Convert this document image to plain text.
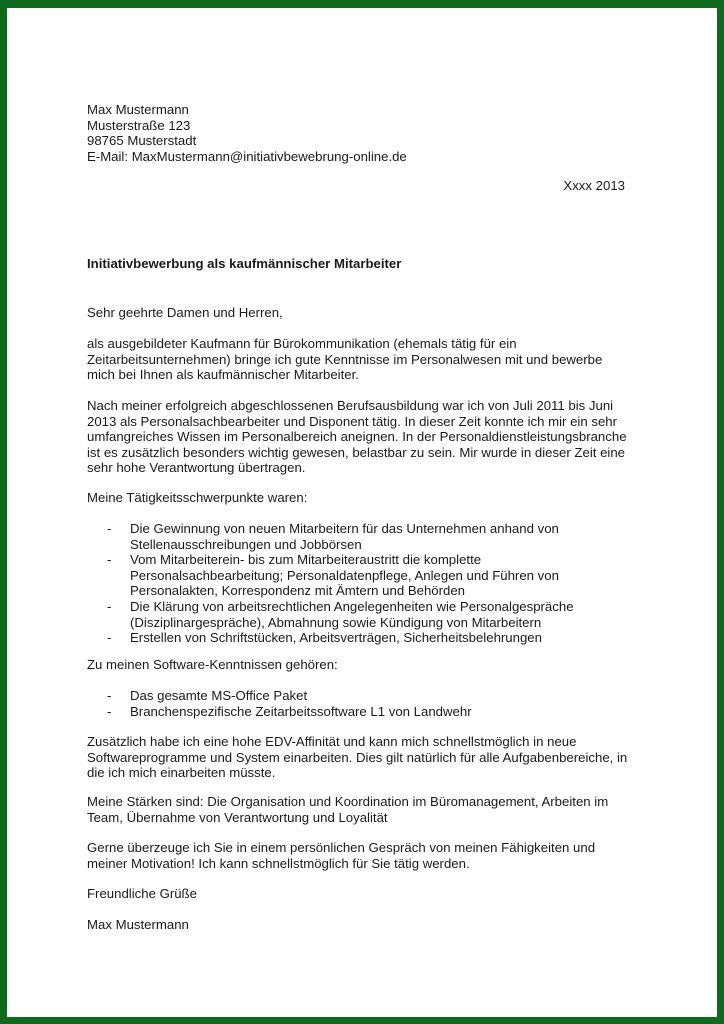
Max Mustermann
Musterstraße 123
98765 Musterstadt
E-Mail: MaxMustermann@initiativbewebrung-online.de
Xxxx 2013
Initiativbewerbung als kaufmännischer Mitarbeiter
Sehr geehrte Damen und Herren,
als ausgebildeter Kaufmann für Bürokommunikation (ehemals tätig für ein
Zeitarbeitsunternehmen) bringe ich gute Kenntnisse im Personalwesen mit und bewerbe
mich bei Ihnen als kaufmännischer Mitarbeiter.
Nach meiner erfolgreich abgeschlossenen Berufsausbildung war ich von Juli 2011 bis Juni
2013 als Personalsachbearbeiter und Disponent tätig. In dieser Zeit konnte ich mir ein sehr
umfangreiches Wissen im Personalbereich aneignen. In der Personaldienstleistungsbranche
ist es zusätzlich besonders wichtig gewesen, belastbar zu sein. Mir wurde in dieser Zeit eine
sehr hohe Verantwortung übertragen.
Meine Tätigkeitsschwerpunkte waren:
- Die Gewinnung von neuen Mitarbeitern für das Unternehmen anhand von
Stellenausschreibungen und Jobbörsen
- Vom Mitarbeiterein- bis zum Mitarbeiteraustritt die komplette
Personalsachbearbeitung; Personaldatenpflege, Anlegen und Führen von
Personalakten, Korrespondenz mit Ämtern und Behörden
- Die Klärung von arbeitsrechtlichen Angelegenheiten wie Personalgespräche
(Disziplinargespräche), Abmahnung sowie Kündigung von Mitarbeitern
- Erstellen von Schriftstücken, Arbeitsverträgen, Sicherheitsbelehrungen
Zu meinen Software-Kenntnissen gehören:
- Das gesamte MS-Office Paket
- Branchenspezifische Zeitarbeitssoftware L1 von Landwehr
Zusätzlich habe ich eine hohe EDV-Affinität und kann mich schnellstmöglich in neue
Softwareprogramme und System einarbeiten. Dies gilt natürlich für alle Aufgabenbereiche, in
die ich mich einarbeiten müsste.
Meine Stärken sind: Die Organisation und Koordination im Büromanagement, Arbeiten im
Team, Übernahme von Verantwortung und Loyalität
Gerne überzeuge ich Sie in einem persönlichen Gespräch von meinen Fähigkeiten und
meiner Motivation! Ich kann schnellstmöglich für Sie tätig werden.
Freundliche Grüße
Max Mustermann
